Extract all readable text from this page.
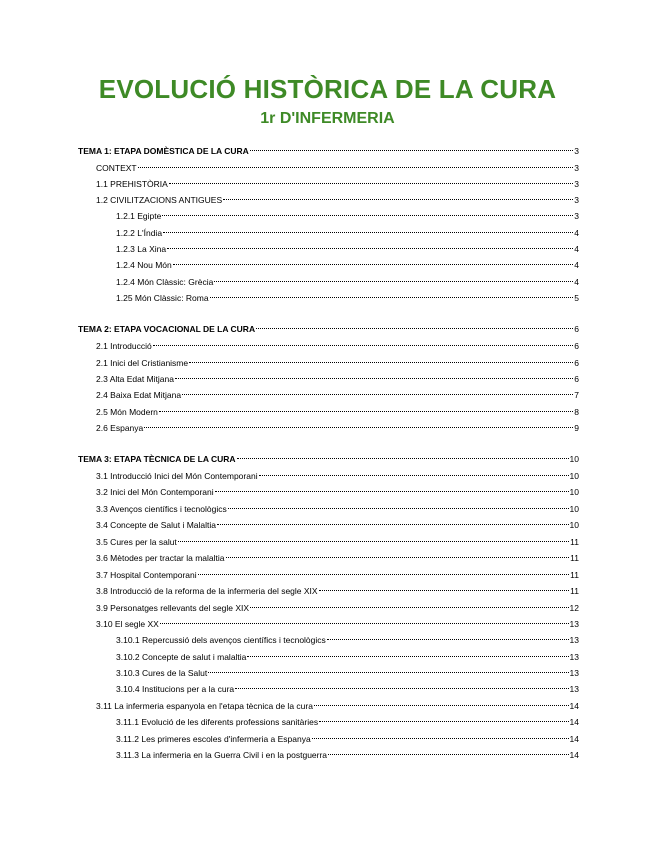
EVOLUCIÓ HISTÒRICA DE LA CURA
1r D'INFERMERIA
TEMA 1: ETAPA DOMÈSTICA DE LA CURA	3
CONTEXT	3
1.1 PREHISTÒRIA	3
1.2 CIVILITZACIONS ANTIGUES	3
1.2.1 Egipte	3
1.2.2 L'Índia	4
1.2.3 La Xina	4
1.2.4 Nou Món	4
1.2.4 Món Clàssic: Grècia	4
1.25 Món Clàssic: Roma	5
TEMA 2: ETAPA VOCACIONAL DE LA CURA	6
2.1 Introducció	6
2.1 Inici del Cristianisme	6
2.3 Alta Edat Mitjana	6
2.4 Baixa Edat Mitjana	7
2.5 Món Modern	8
2.6 Espanya	9
TEMA 3: ETAPA TÈCNICA DE LA CURA	10
3.1 Introducció Inici del Món Contemporani	10
3.2 Inici del Món Contemporani	10
3.3 Avenços científics i tecnològics	10
3.4 Concepte de Salut i Malaltia	10
3.5 Cures per la salut	11
3.6 Mètodes per tractar la malaltia	11
3.7 Hospital Contemporani	11
3.8 Introducció de la reforma de la infermeria del segle XIX	11
3.9 Personatges rellevants del segle XIX	12
3.10 El segle XX	13
3.10.1 Repercussió dels avenços científics i tecnològics	13
3.10.2 Concepte de salut i malaltia	13
3.10.3 Cures de la Salut	13
3.10.4 Institucions per a la cura	13
3.11 La infermeria espanyola en l'etapa tècnica de la cura	14
3.11.1 Evolució de les diferents professions sanitàries	14
3.11.2 Les primeres escoles d'infermeria a Espanya	14
3.11.3 La infermeria en la Guerra Civil i en la postguerra	14
